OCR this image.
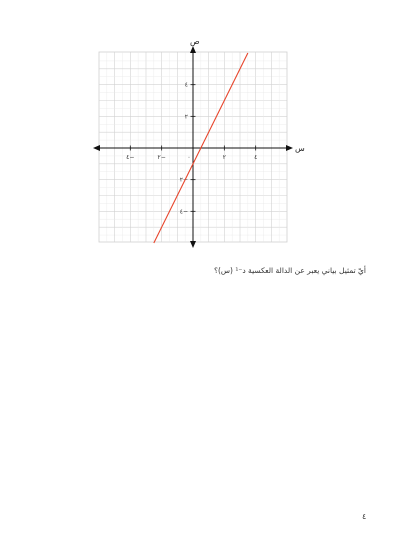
س
ص
٤−	٢−	٠	٢	٤
٤
٢
٢−
٤−
أيّ تمثيل بياني يعبر عن الدالة العكسية د⁻¹ (س)؟
٤
